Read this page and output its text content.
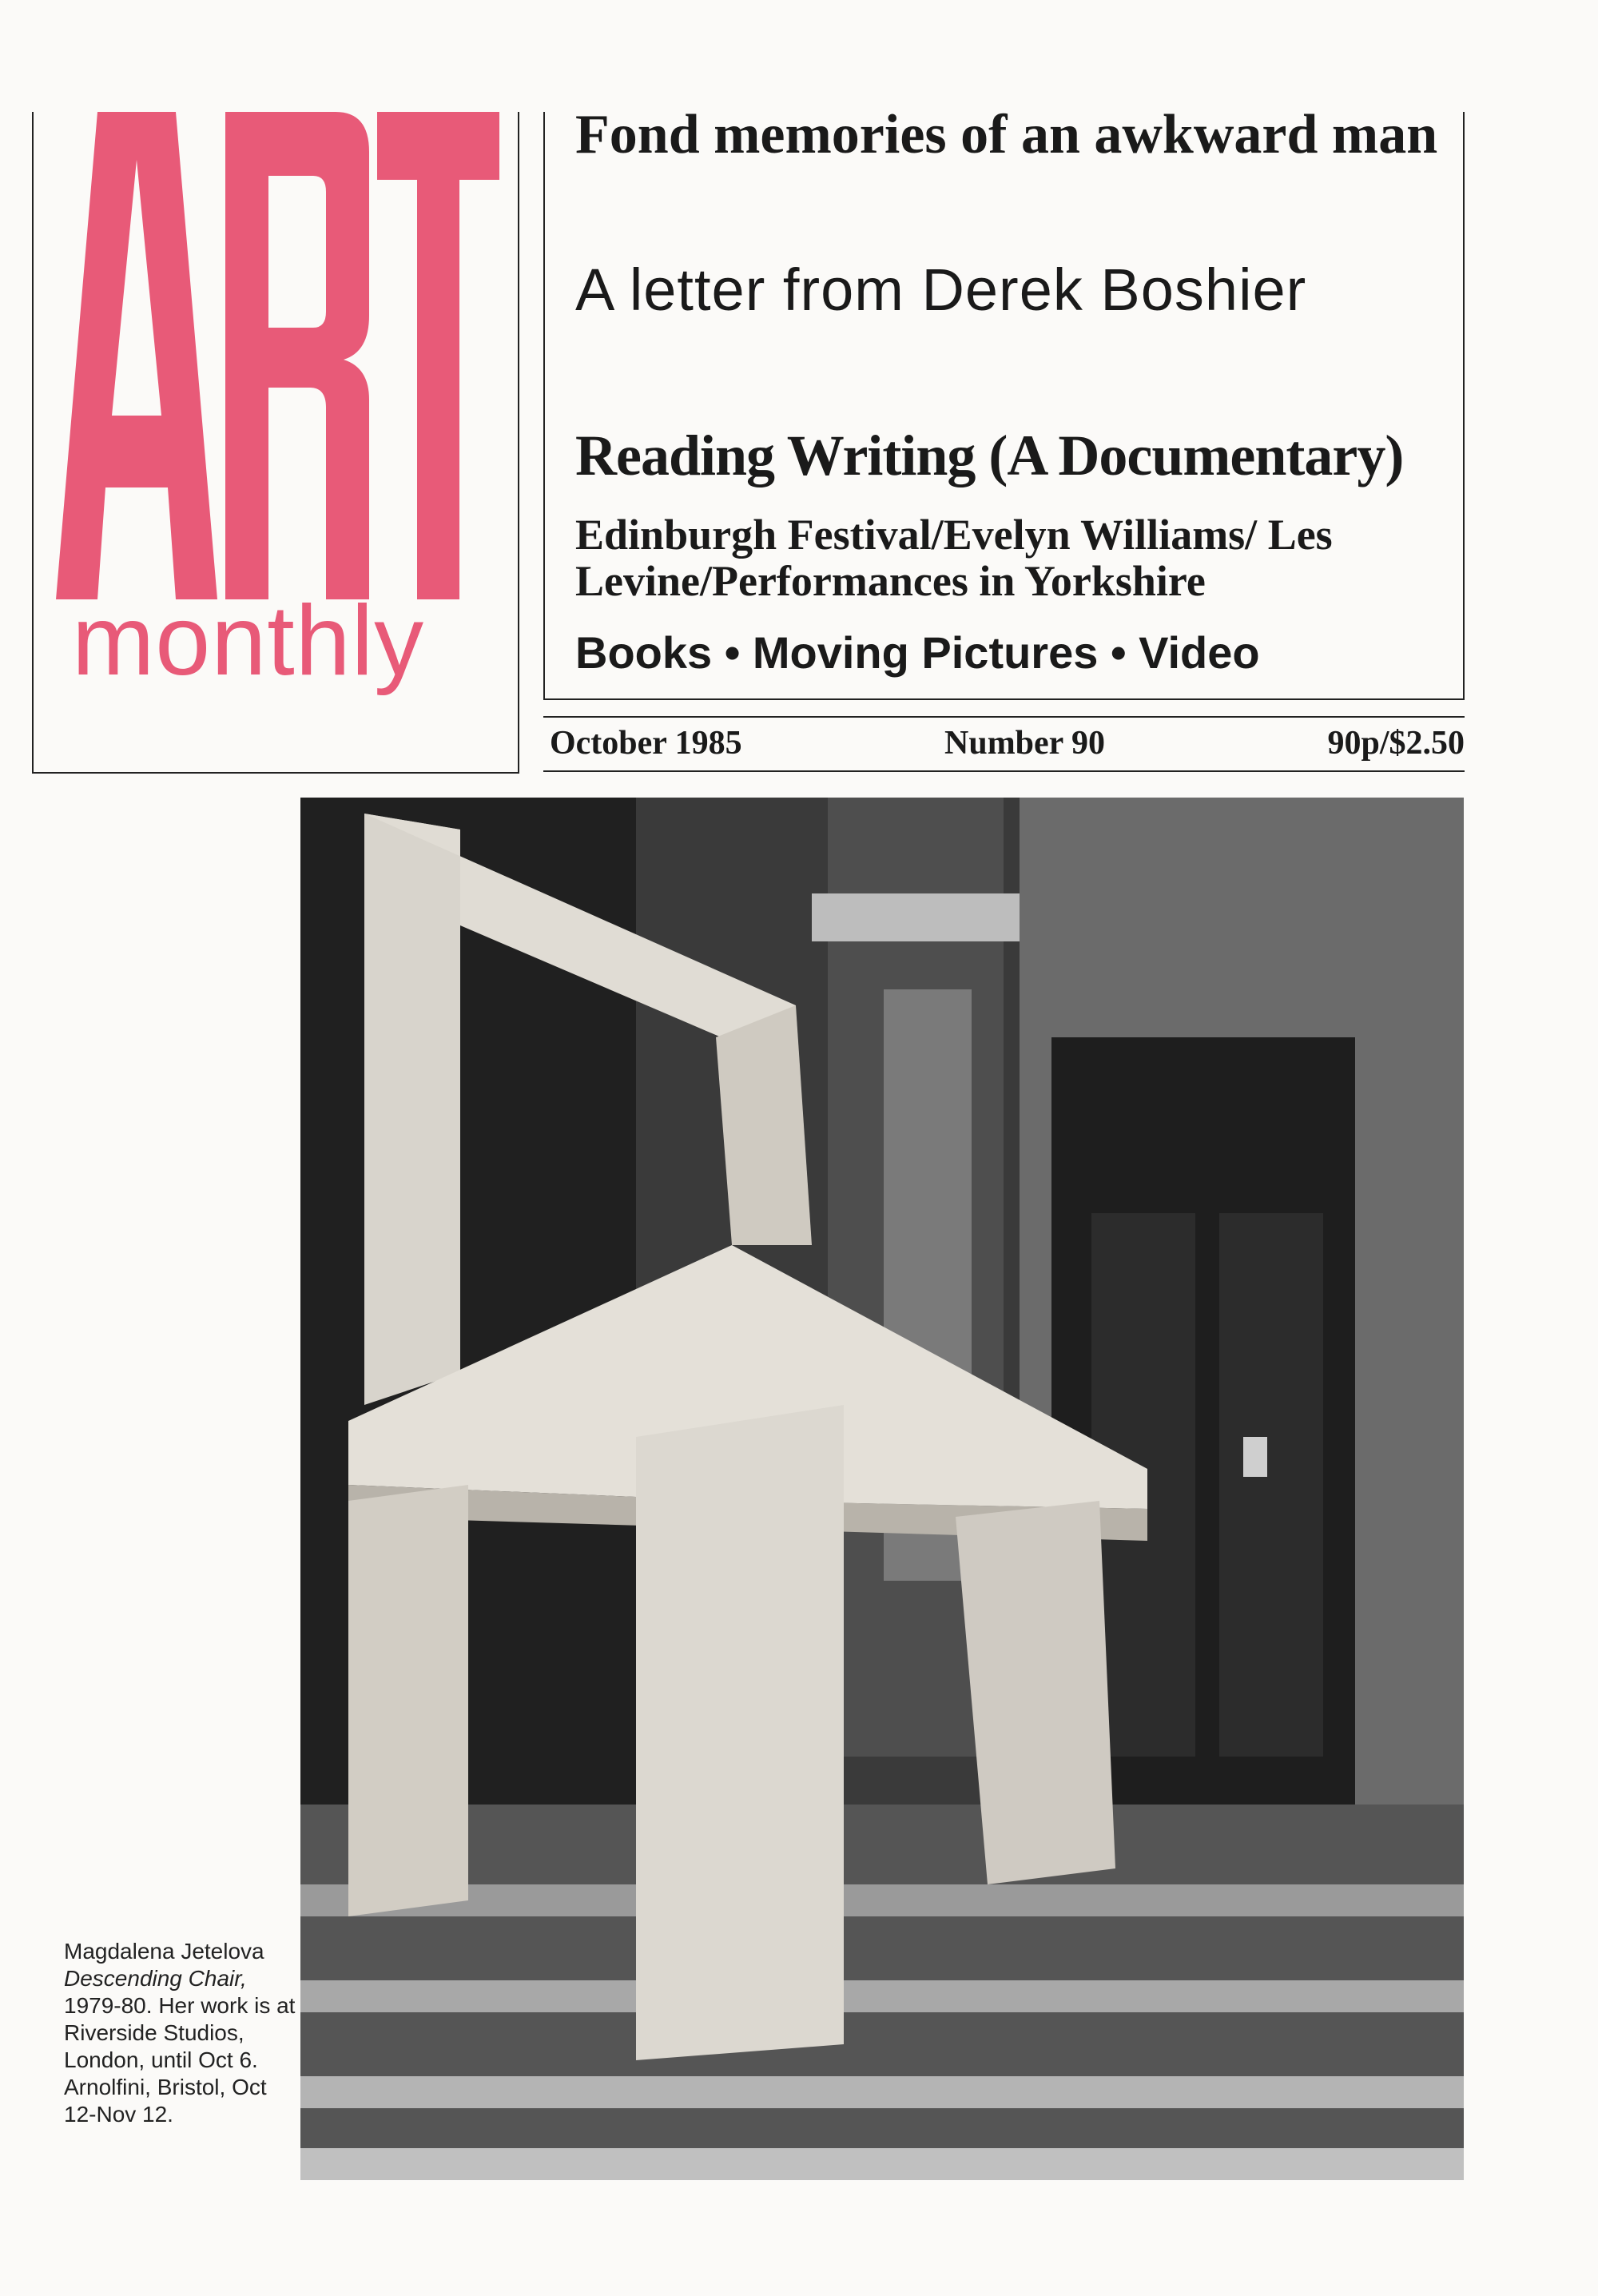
monthly
Fond memories of an awkward man
A letter from Derek Boshier
Reading Writing (A Documentary)
Edinburgh Festival/Evelyn Williams/ Les Levine/Performances in Yorkshire
Books • Moving Pictures • Video
October 1985	Number 90	90p/$2.50
Magdalena Jetelova
Descending Chair,
1979-80. Her work is at Riverside Studios, London, until Oct 6. Arnolfini, Bristol, Oct 12-Nov 12.
